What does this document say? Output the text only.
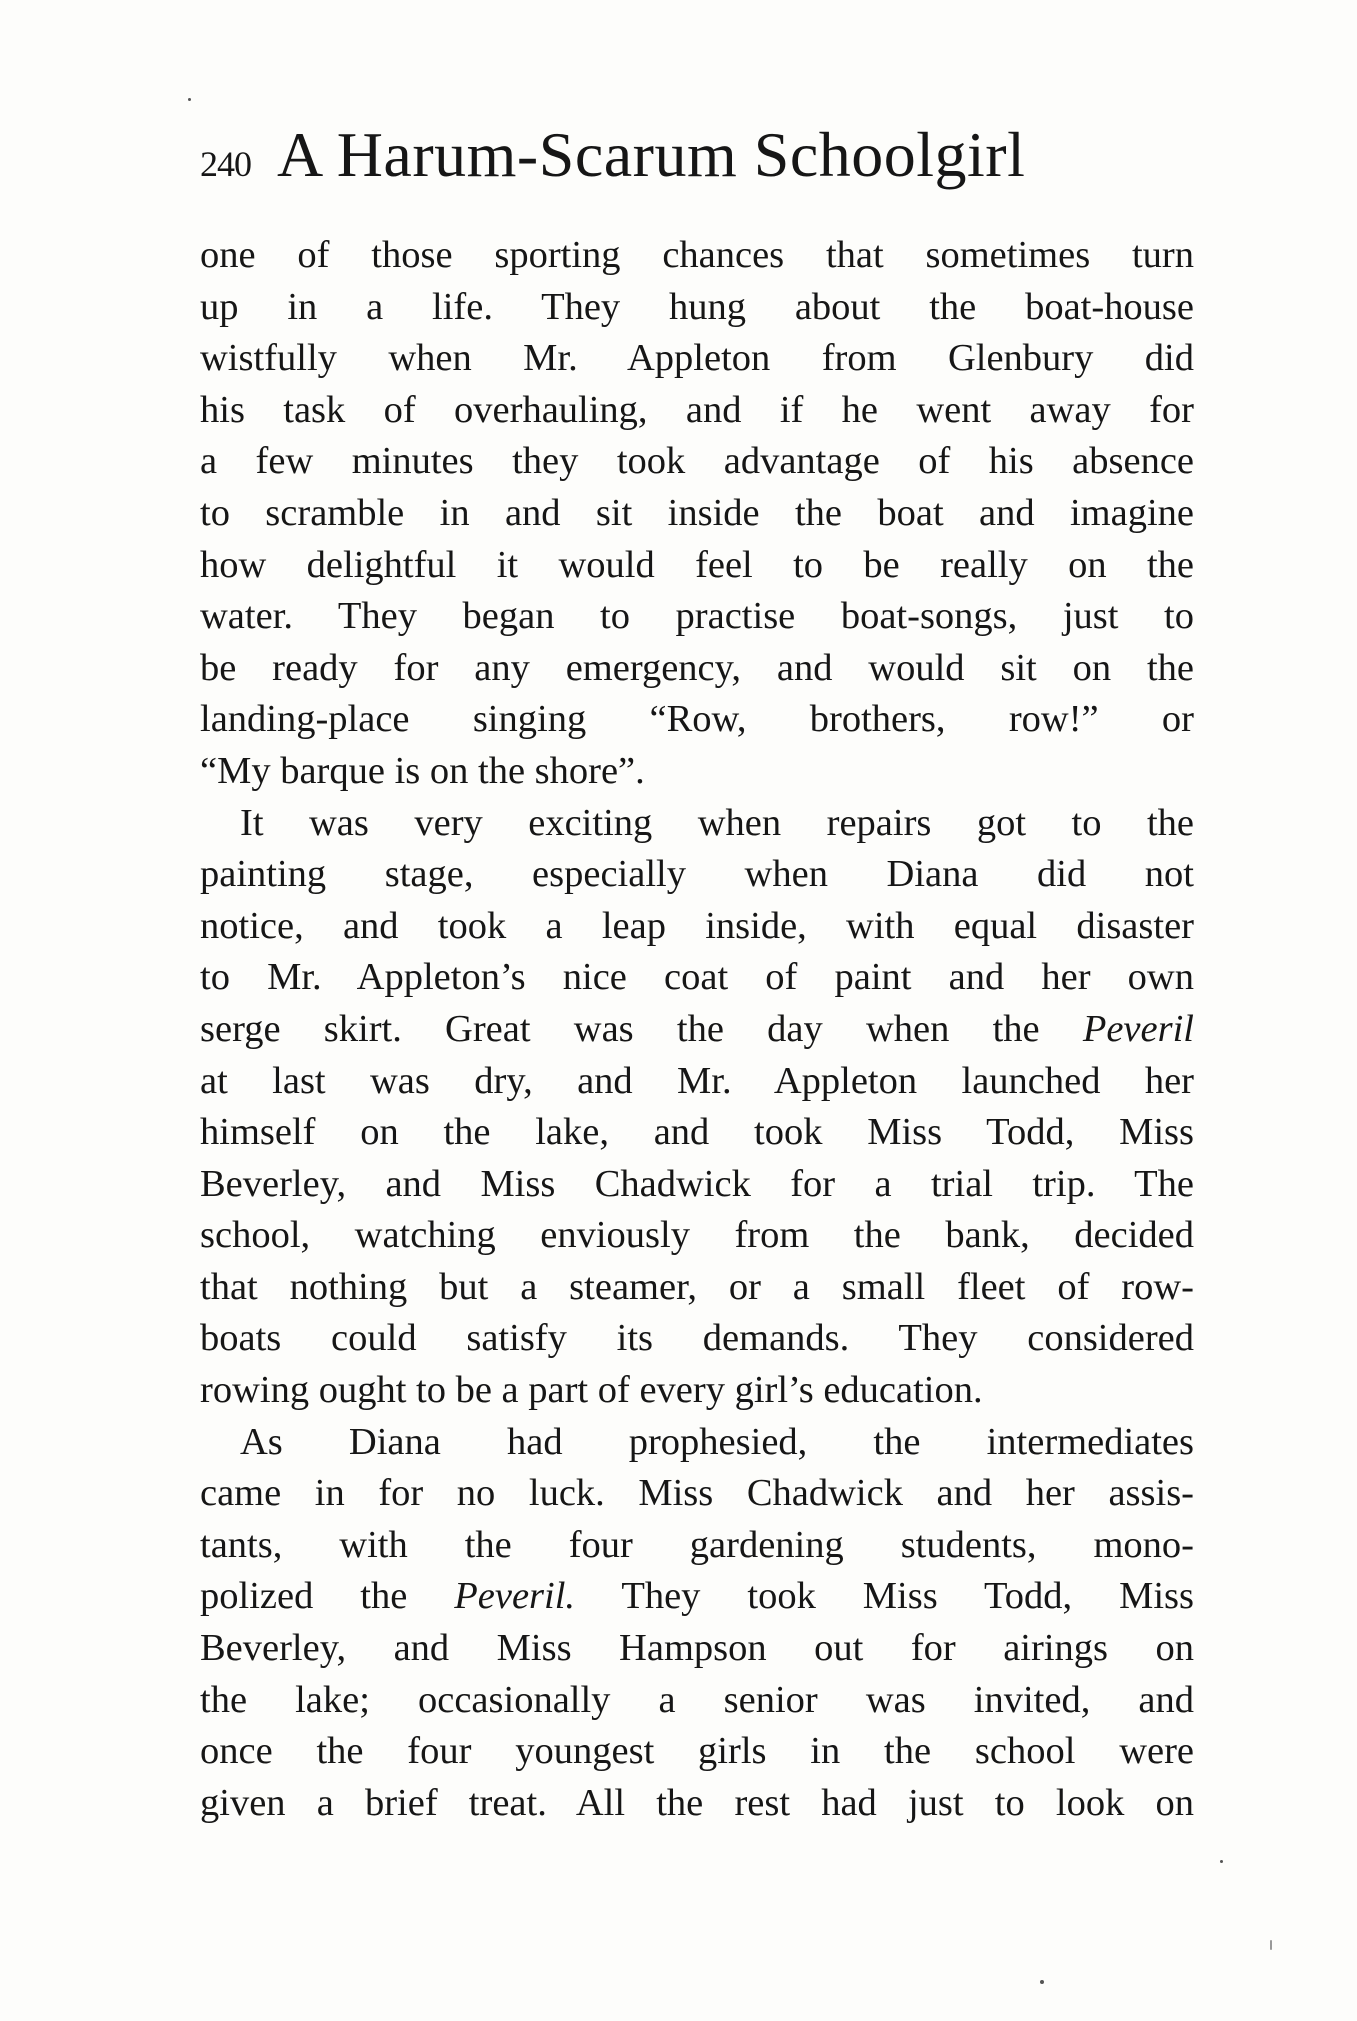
240 A Harum-Scarum Schoolgirl
one of those sporting chances that sometimes turn
up in a life. They hung about the boat-house
wistfully when Mr. Appleton from Glenbury did
his task of overhauling, and if he went away for
a few minutes they took advantage of his absence
to scramble in and sit inside the boat and imagine
how delightful it would feel to be really on the
water. They began to practise boat-songs, just to
be ready for any emergency, and would sit on the
landing-place singing “Row, brothers, row!” or
“My barque is on the shore”.
It was very exciting when repairs got to the
painting stage, especially when Diana did not
notice, and took a leap inside, with equal disaster
to Mr. Appleton’s nice coat of paint and her own
serge skirt. Great was the day when the Peveril
at last was dry, and Mr. Appleton launched her
himself on the lake, and took Miss Todd, Miss
Beverley, and Miss Chadwick for a trial trip. The
school, watching enviously from the bank, decided
that nothing but a steamer, or a small fleet of row-
boats could satisfy its demands. They considered
rowing ought to be a part of every girl’s education.
As Diana had prophesied, the intermediates
came in for no luck. Miss Chadwick and her assis-
tants, with the four gardening students, mono-
polized the Peveril. They took Miss Todd, Miss
Beverley, and Miss Hampson out for airings on
the lake; occasionally a senior was invited, and
once the four youngest girls in the school were
given a brief treat. All the rest had just to look on
